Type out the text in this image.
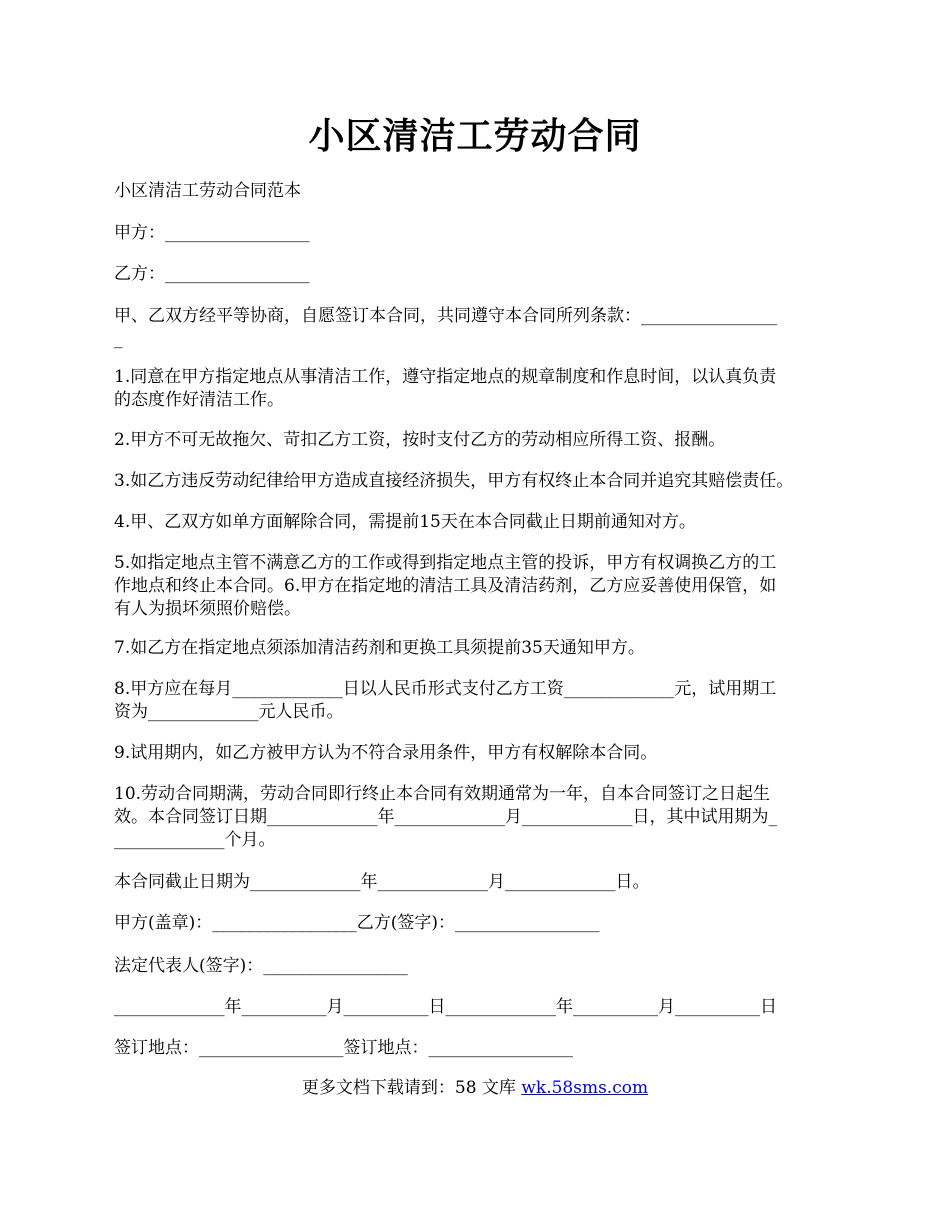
小区清洁工劳动合同
小区清洁工劳动合同范本
甲方：_________________
乙方：_________________
甲、乙双方经平等协商，自愿签订本合同，共同遵守本合同所列条款：________________
_
1.同意在甲方指定地点从事清洁工作，遵守指定地点的规章制度和作息时间，以认真负责
的态度作好清洁工作。
2.甲方不可无故拖欠、苛扣乙方工资，按时支付乙方的劳动相应所得工资、报酬。
3.如乙方违反劳动纪律给甲方造成直接经济损失，甲方有权终止本合同并追究其赔偿责任。
4.甲、乙双方如单方面解除合同，需提前15天在本合同截止日期前通知对方。
5.如指定地点主管不满意乙方的工作或得到指定地点主管的投诉，甲方有权调换乙方的工
作地点和终止本合同。6.甲方在指定地的清洁工具及清洁药剂，乙方应妥善使用保管，如
有人为损坏须照价赔偿。
7.如乙方在指定地点须添加清洁药剂和更换工具须提前35天通知甲方。
8.甲方应在每月_____________日以人民币形式支付乙方工资_____________元，试用期工
资为_____________元人民币。
9.试用期内，如乙方被甲方认为不符合录用条件，甲方有权解除本合同。
10.劳动合同期满，劳动合同即行终止本合同有效期通常为一年，自本合同签订之日起生
效。本合同签订日期_____________年_____________月_____________日，其中试用期为_
_____________个月。
本合同截止日期为_____________年_____________月_____________日。
甲方(盖章)：_________________乙方(签字)：_________________
法定代表人(签字)：_________________
_____________年__________月__________日_____________年__________月__________日
签订地点：_________________签订地点：_________________
更多文档下载请到：58 文库 wk.58sms.com
